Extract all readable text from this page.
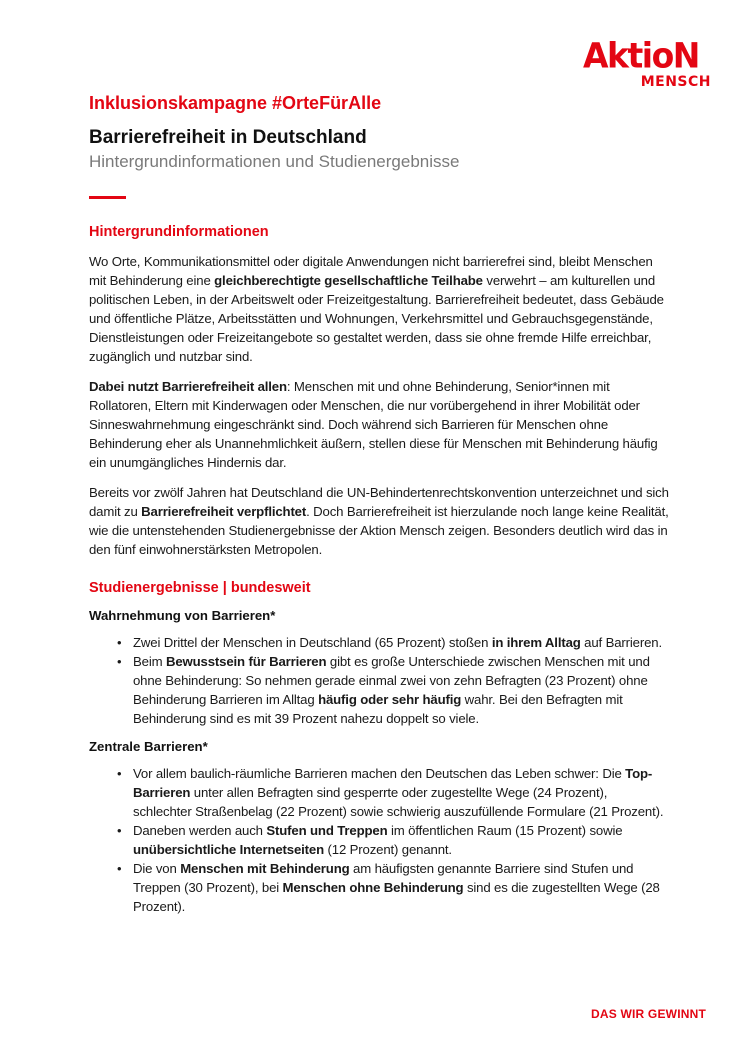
AktioN
MENSCH
Inklusionskampagne #OrteFürAlle
Barrierefreiheit in Deutschland
Hintergrundinformationen und Studienergebnisse
Hintergrundinformationen

Wo Orte, Kommunikationsmittel oder digitale Anwendungen nicht barrierefrei sind, bleibt Menschen mit Behinderung eine gleichberechtigte gesellschaftliche Teilhabe verwehrt – am kulturellen und politischen Leben, in der Arbeitswelt oder Freizeitgestaltung. Barrierefreiheit bedeutet, dass Gebäude und öffentliche Plätze, Arbeitsstätten und Wohnungen, Verkehrsmittel und Gebrauchsgegenstände, Dienstleistungen oder Freizeitangebote so gestaltet werden, dass sie ohne fremde Hilfe erreichbar, zugänglich und nutzbar sind.

Dabei nutzt Barrierefreiheit allen: Menschen mit und ohne Behinderung, Senior*innen mit Rollatoren, Eltern mit Kinderwagen oder Menschen, die nur vorübergehend in ihrer Mobilität oder Sinneswahrnehmung eingeschränkt sind. Doch während sich Barrieren für Menschen ohne Behinderung eher als Unannehmlichkeit äußern, stellen diese für Menschen mit Behinderung häufig ein unumgängliches Hindernis dar.

Bereits vor zwölf Jahren hat Deutschland die UN-Behindertenrechtskonvention unterzeichnet und sich damit zu Barrierefreiheit verpflichtet. Doch Barrierefreiheit ist hierzulande noch lange keine Realität, wie die untenstehenden Studienergebnisse der Aktion Mensch zeigen. Besonders deutlich wird das in den fünf einwohnerstärksten Metropolen.

Studienergebnisse | bundesweit
Wahrnehmung von Barrieren*
• Zwei Drittel der Menschen in Deutschland (65 Prozent) stoßen in ihrem Alltag auf Barrieren.
• Beim Bewusstsein für Barrieren gibt es große Unterschiede zwischen Menschen mit und ohne Behinderung: So nehmen gerade einmal zwei von zehn Befragten (23 Prozent) ohne Behinderung Barrieren im Alltag häufig oder sehr häufig wahr. Bei den Befragten mit Behinderung sind es mit 39 Prozent nahezu doppelt so viele.
Zentrale Barrieren*
• Vor allem baulich-räumliche Barrieren machen den Deutschen das Leben schwer: Die Top-Barrieren unter allen Befragten sind gesperrte oder zugestellte Wege (24 Prozent), schlechter Straßenbelag (22 Prozent) sowie schwierig auszufüllende Formulare (21 Prozent).
• Daneben werden auch Stufen und Treppen im öffentlichen Raum (15 Prozent) sowie unübersichtliche Internetseiten (12 Prozent) genannt.
• Die von Menschen mit Behinderung am häufigsten genannte Barriere sind Stufen und Treppen (30 Prozent), bei Menschen ohne Behinderung sind es die zugestellten Wege (28 Prozent).
DAS WIR GEWINNT
